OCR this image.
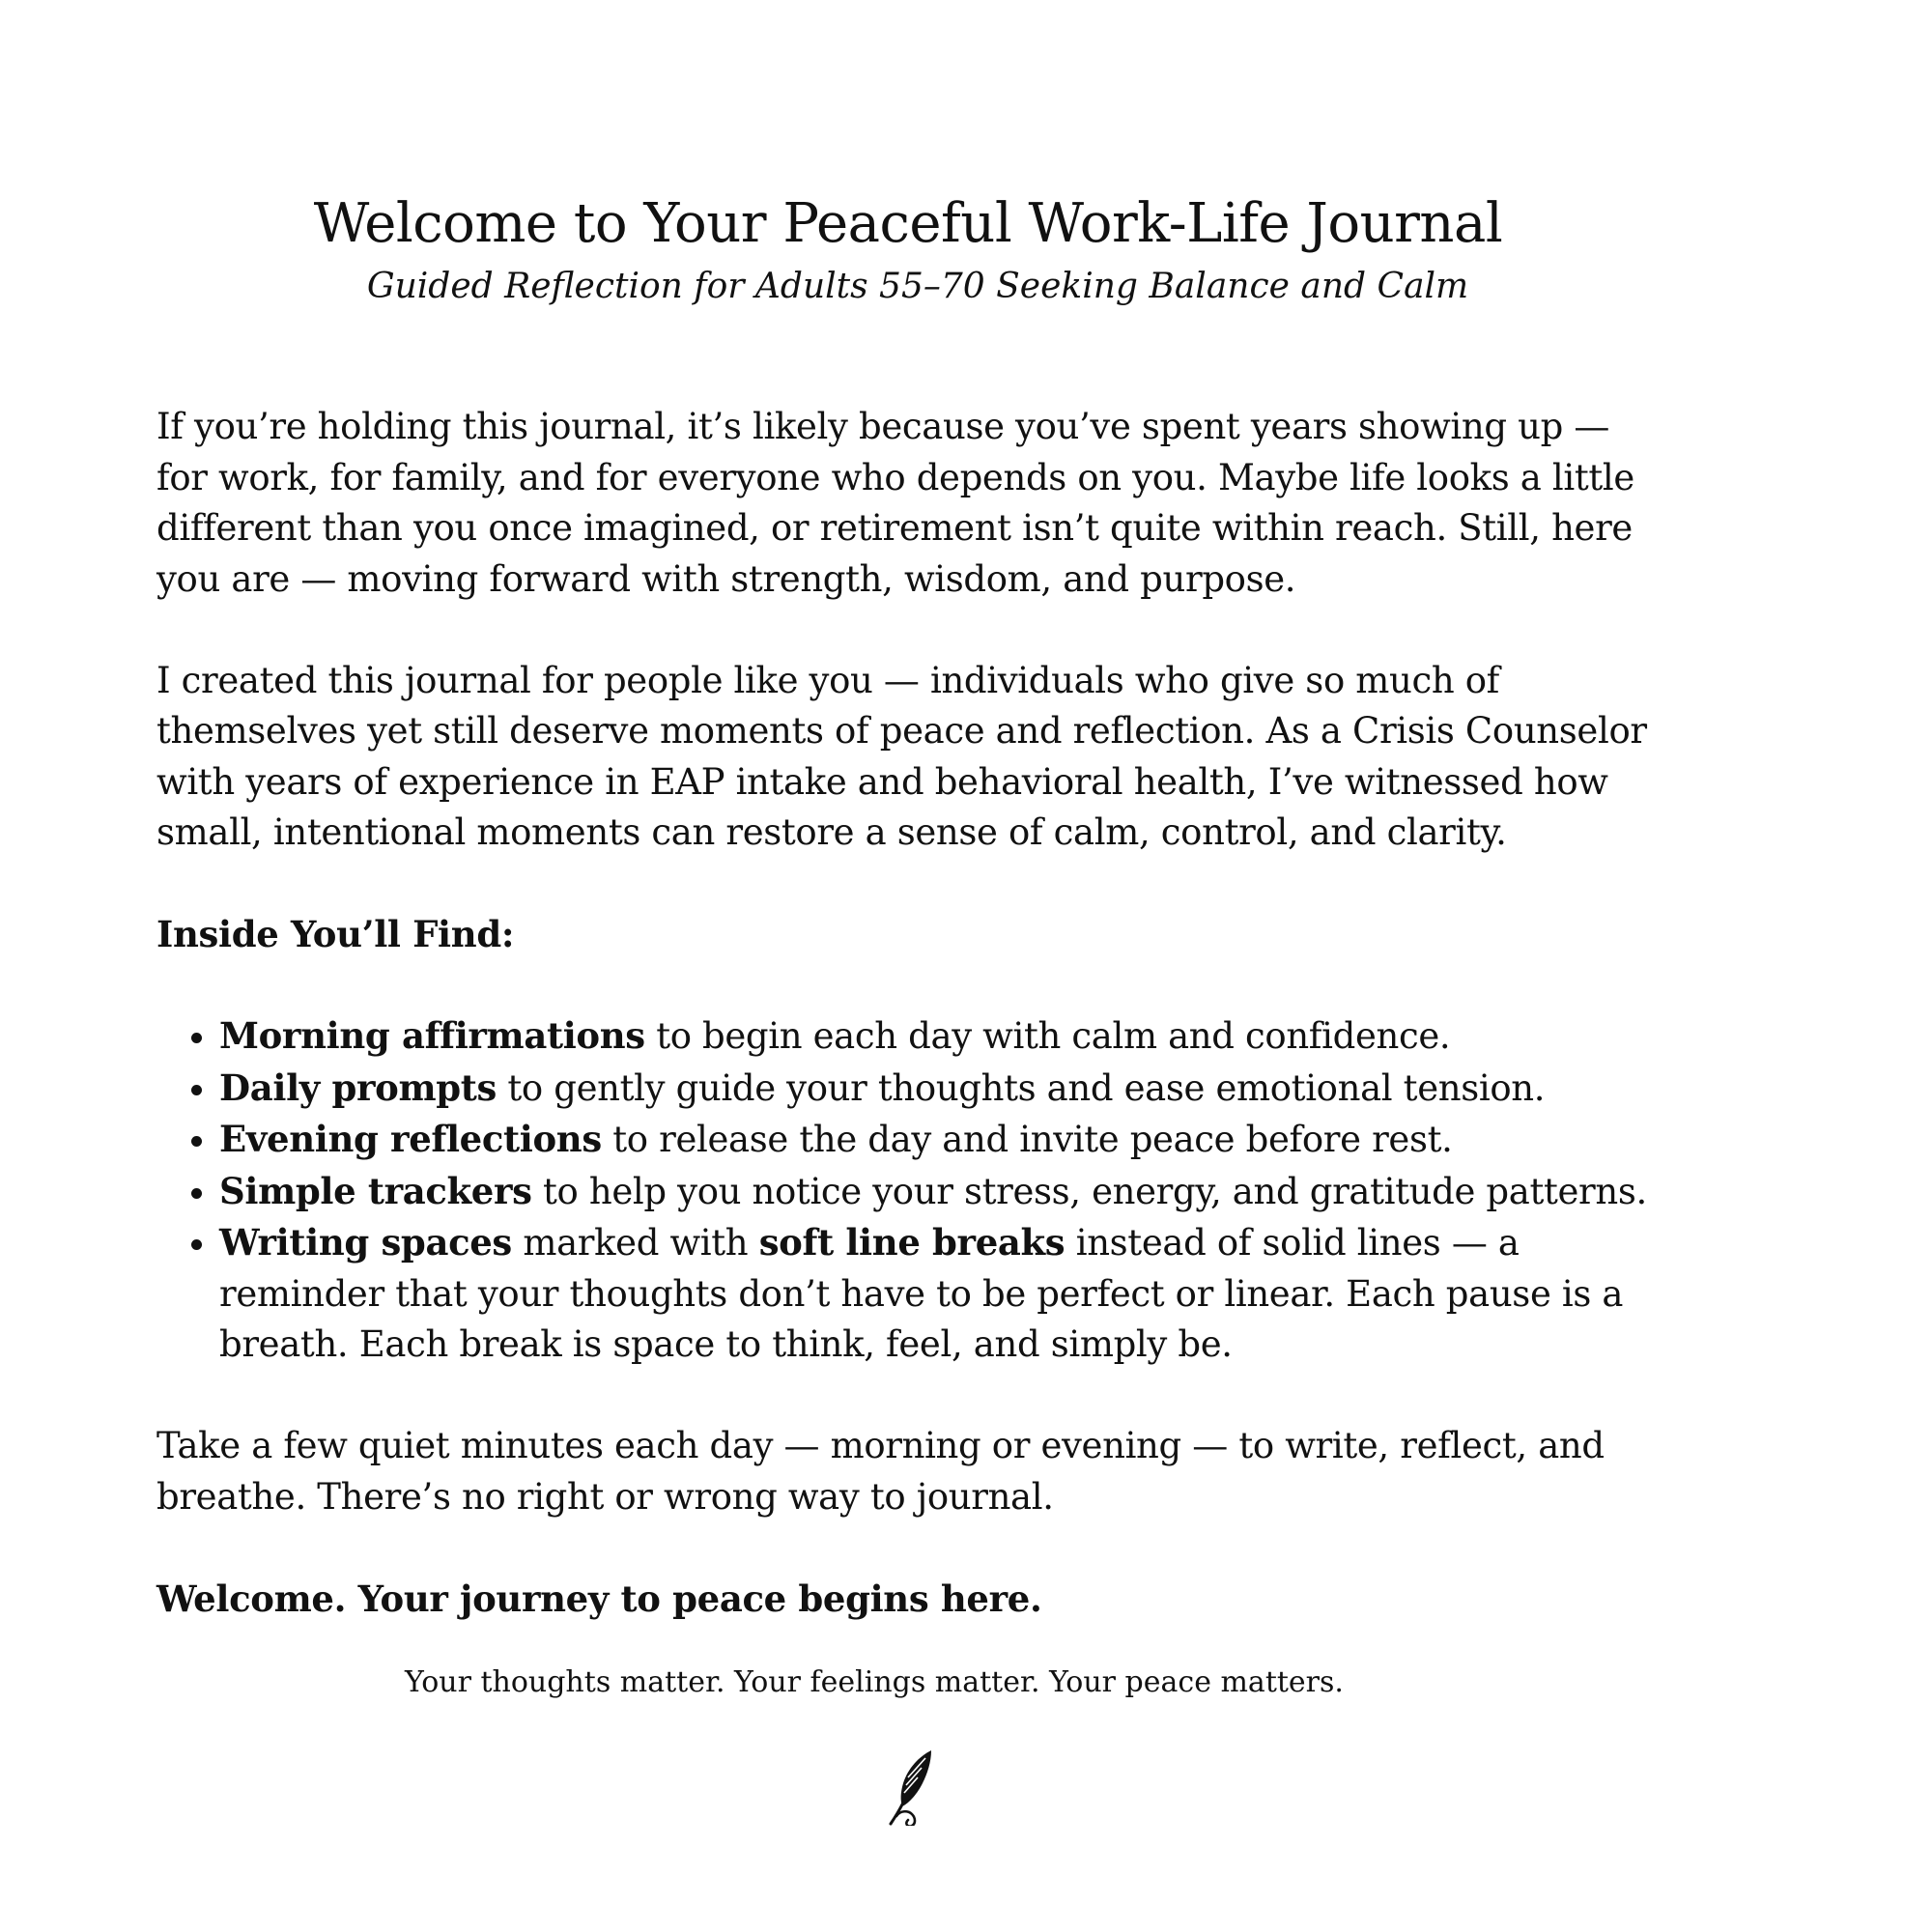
Welcome to Your Peaceful Work-Life Journal

Guided Reflection for Adults 55–70 Seeking Balance and Calm

If you’re holding this journal, it’s likely because you’ve spent years showing up — for work, for family, and for everyone who depends on you. Maybe life looks a little different than you once imagined, or retirement isn’t quite within reach. Still, here you are — moving forward with strength, wisdom, and purpose.

I created this journal for people like you — individuals who give so much of themselves yet still deserve moments of peace and reflection. As a Crisis Counselor with years of experience in EAP intake and behavioral health, I’ve witnessed how small, intentional moments can restore a sense of calm, control, and clarity.

Inside You’ll Find:

• Morning affirmations to begin each day with calm and confidence.
• Daily prompts to gently guide your thoughts and ease emotional tension.
• Evening reflections to release the day and invite peace before rest.
• Simple trackers to help you notice your stress, energy, and gratitude patterns.
• Writing spaces marked with soft line breaks instead of solid lines — a reminder that your thoughts don’t have to be perfect or linear. Each pause is a breath. Each break is space to think, feel, and simply be.

Take a few quiet minutes each day — morning or evening — to write, reflect, and breathe. There’s no right or wrong way to journal.

Welcome. Your journey to peace begins here.

Your thoughts matter. Your feelings matter. Your peace matters.
